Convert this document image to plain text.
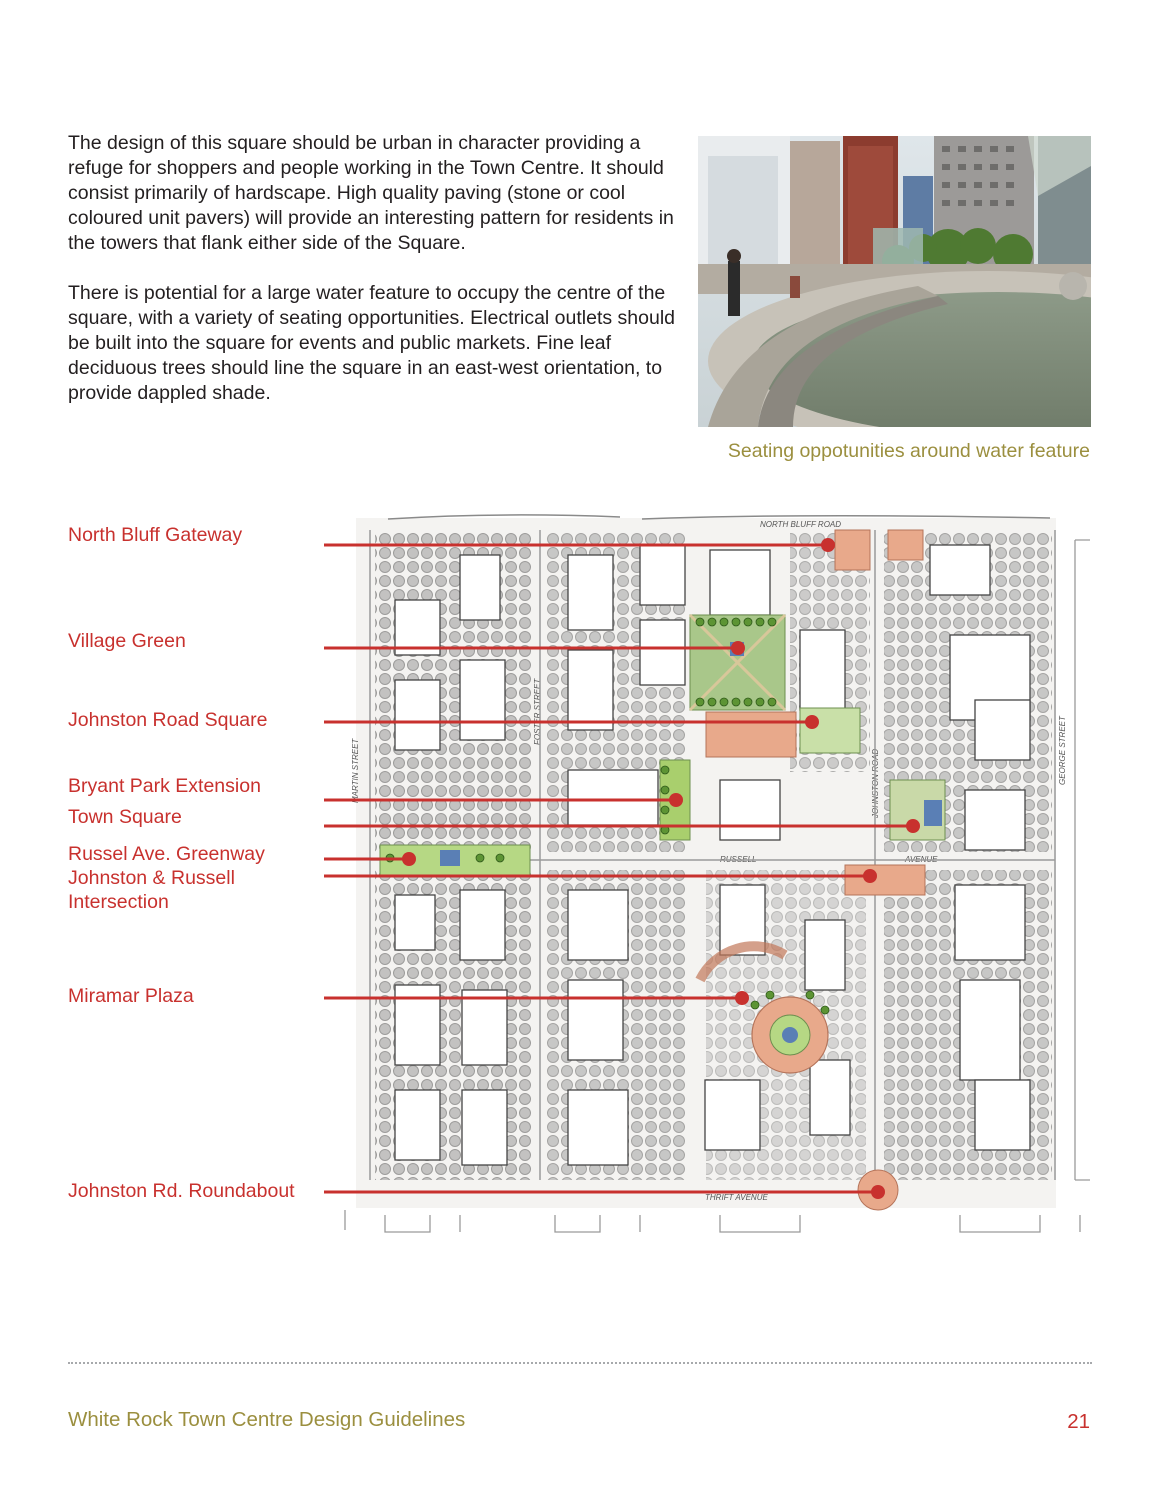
The design of this square should be urban in character providing a refuge for shoppers and people working in the Town Centre. It should consist primarily of hardscape. High quality paving (stone or cool coloured unit pavers) will provide an interesting pattern for residents in the towers that flank either side of the Square.

There is potential for a large water feature to occupy the centre of the square, with a variety of seating opportunities. Electrical outlets should be built into the square for events and public markets. Fine leaf deciduous trees should line the square in an east-west orientation, to provide dappled shade.

Seating oppotunities around water feature
North Bluff Gateway
Village Green
Johnston Road Square
Bryant Park Extension
Town Square
Russel Ave. Greenway
Johnston & Russell
Intersection
Miramar Plaza
Johnston Rd. Roundabout
NORTH BLUFF ROAD
MARTIN STREET
FOSTER STREET
JOHNSTON ROAD	GEORGE STREET
RUSSELL	AVENUE
THRIFT AVENUE
White Rock Town Centre Design Guidelines	21
